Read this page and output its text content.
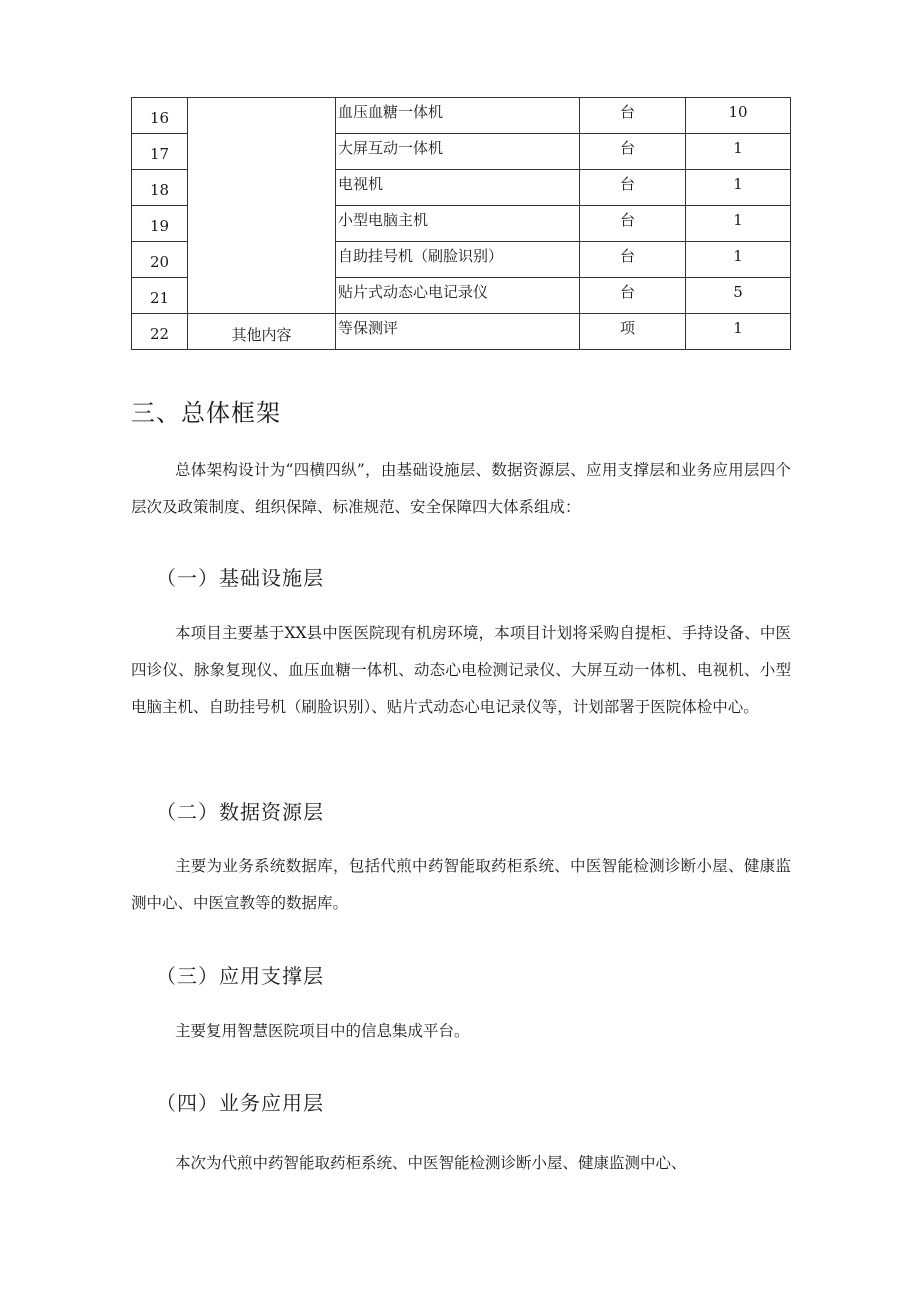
16		血压血糖一体机	台	10
17		大屏互动一体机	台	1
18		电视机	台	1
19		小型电脑主机	台	1
20		自助挂号机（刷脸识别）	台	1
21		贴片式动态心电记录仪	台	5
22	其他内容	等保测评	项	1
三、总体框架

总体架构设计为“四横四纵”，由基础设施层、数据资源层、应用支撑层和业务应用层四个层次及政策制度、组织保障、标准规范、安全保障四大体系组成：

（一）基础设施层

本项目主要基于XX县中医医院现有机房环境，本项目计划将采购自提柜、手持设备、中医四诊仪、脉象复现仪、血压血糖一体机、动态心电检测记录仪、大屏互动一体机、电视机、小型电脑主机、自助挂号机（刷脸识别）、贴片式动态心电记录仪等，计划部署于医院体检中心。

（二）数据资源层

主要为业务系统数据库，包括代煎中药智能取药柜系统、中医智能检测诊断小屋、健康监测中心、中医宣教等的数据库。

（三）应用支撑层

主要复用智慧医院项目中的信息集成平台。

（四）业务应用层

本次为代煎中药智能取药柜系统、中医智能检测诊断小屋、健康监测中心、
